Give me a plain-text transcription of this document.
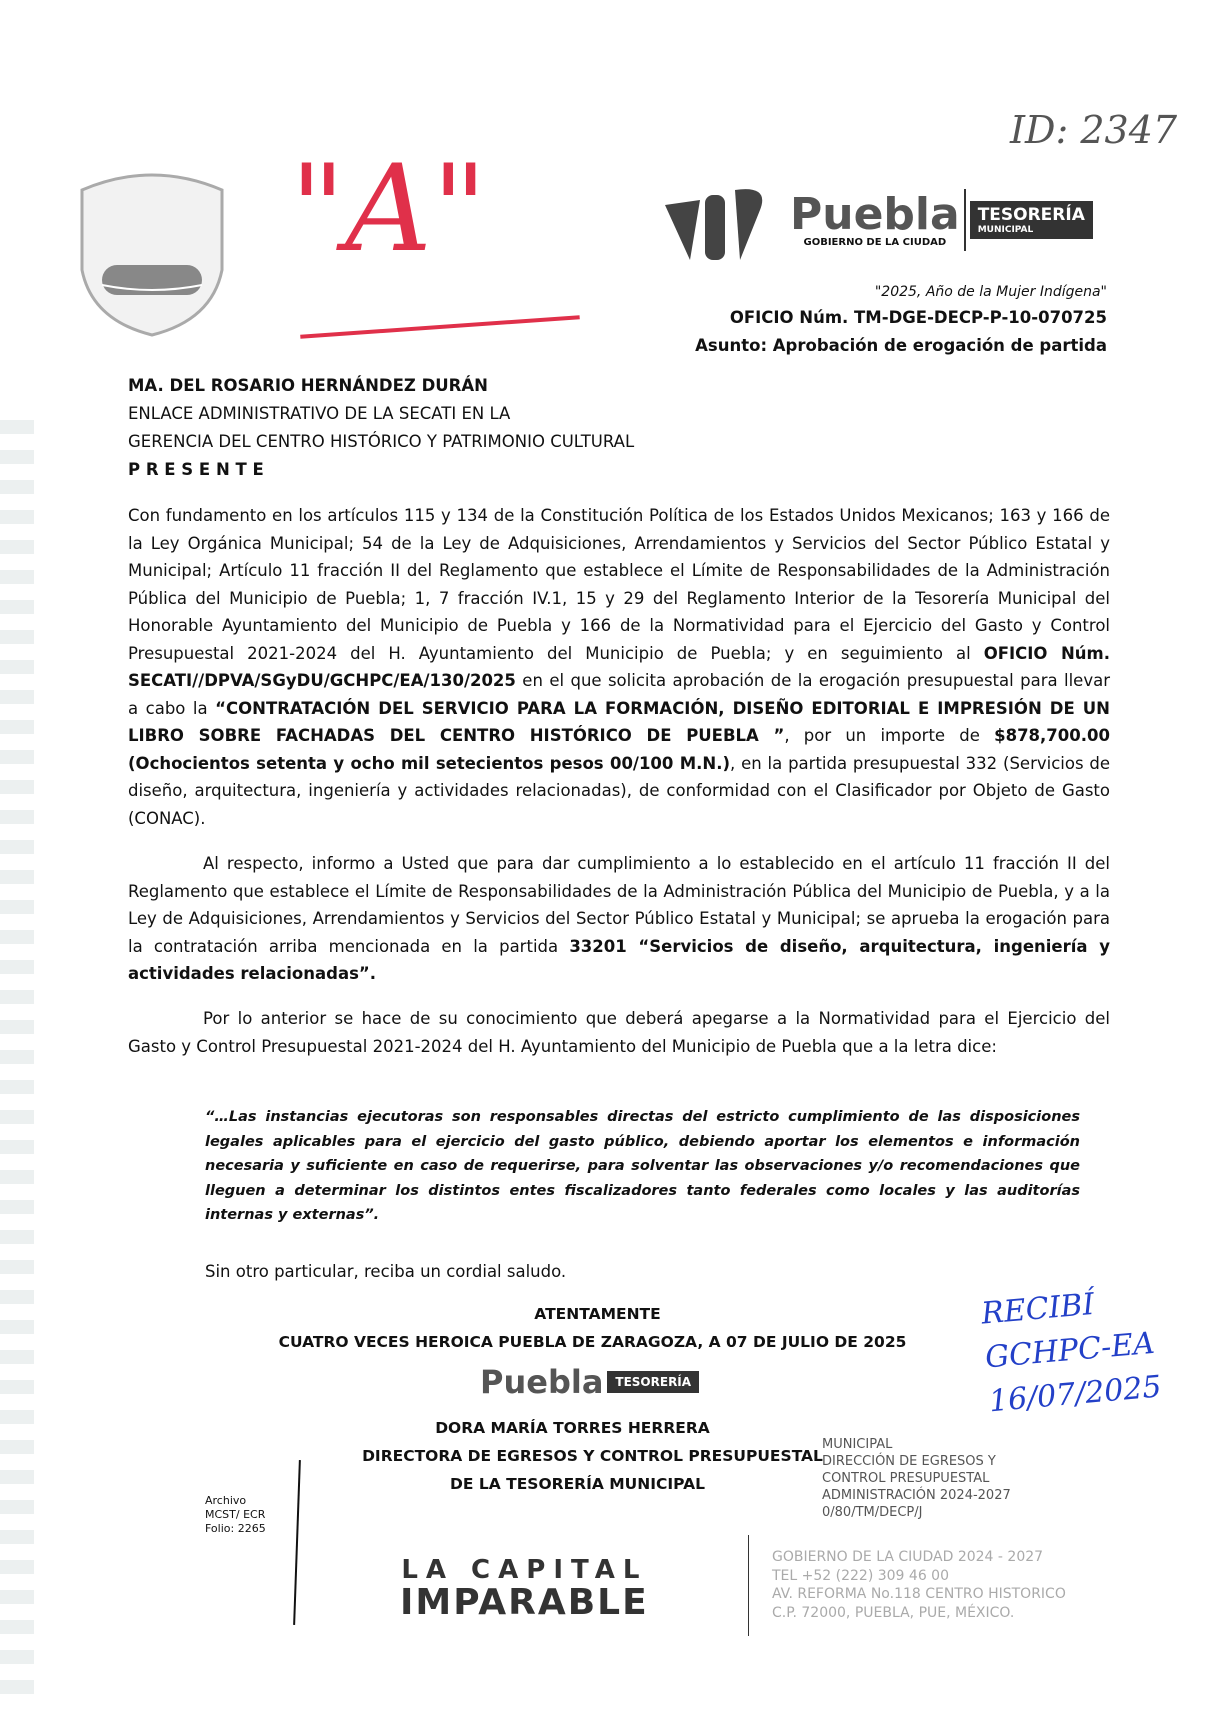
ID: 2347
"A"	Puebla
GOBIERNO DE LA CIUDAD
TESORERÍA
MUNICIPAL
"2025, Año de la Mujer Indígena"
OFICIO Núm. TM-DGE-DECP-P-10-070725
Asunto: Aprobación de erogación de partida
MA. DEL ROSARIO HERNÁNDEZ DURÁN
ENLACE ADMINISTRATIVO DE LA SECATI EN LA
GERENCIA DEL CENTRO HISTÓRICO Y PATRIMONIO CULTURAL
P R E S E N T E
Con fundamento en los artículos 115 y 134 de la Constitución Política de los Estados Unidos Mexicanos; 163 y 166 de la Ley Orgánica Municipal; 54 de la Ley de Adquisiciones, Arrendamientos y Servicios del Sector Público Estatal y Municipal; Artículo 11 fracción II del Reglamento que establece el Límite de Responsabilidades de la Administración Pública del Municipio de Puebla; 1, 7 fracción IV.1, 15 y 29 del Reglamento Interior de la Tesorería Municipal del Honorable Ayuntamiento del Municipio de Puebla y 166 de la Normatividad para el Ejercicio del Gasto y Control Presupuestal 2021-2024 del H. Ayuntamiento del Municipio de Puebla; y en seguimiento al OFICIO Núm. SECATI//DPVA/SGyDU/GCHPC/EA/130/2025 en el que solicita aprobación de la erogación presupuestal para llevar a cabo la “CONTRATACIÓN DEL SERVICIO PARA LA FORMACIÓN, DISEÑO EDITORIAL E IMPRESIÓN DE UN LIBRO SOBRE FACHADAS DEL CENTRO HISTÓRICO DE PUEBLA ”, por un importe de $878,700.00 (Ochocientos setenta y ocho mil setecientos pesos 00/100 M.N.), en la partida presupuestal 332 (Servicios de diseño, arquitectura, ingeniería y actividades relacionadas), de conformidad con el Clasificador por Objeto de Gasto (CONAC).
Al respecto, informo a Usted que para dar cumplimiento a lo establecido en el artículo 11 fracción II del Reglamento que establece el Límite de Responsabilidades de la Administración Pública del Municipio de Puebla, y a la Ley de Adquisiciones, Arrendamientos y Servicios del Sector Público Estatal y Municipal; se aprueba la erogación para la contratación arriba mencionada en la partida 33201 “Servicios de diseño, arquitectura, ingeniería y actividades relacionadas”.
Por lo anterior se hace de su conocimiento que deberá apegarse a la Normatividad para el Ejercicio del Gasto y Control Presupuestal 2021-2024 del H. Ayuntamiento del Municipio de Puebla que a la letra dice:
“…Las instancias ejecutoras son responsables directas del estricto cumplimiento de las disposiciones legales aplicables para el ejercicio del gasto público, debiendo aportar los elementos e información necesaria y suficiente en caso de requerirse, para solventar las observaciones y/o recomendaciones que lleguen a determinar los distintos entes fiscalizadores tanto federales como locales y las auditorías internas y externas”.
Sin otro particular, reciba un cordial saludo.
ATENTAMENTE
CUATRO VECES HEROICA PUEBLA DE ZARAGOZA, A 07 DE JULIO DE 2025
Puebla	TESORERÍA
DORA MARÍA TORRES HERRERA
DIRECTORA DE EGRESOS Y CONTROL PRESUPUESTAL
DE LA TESORERÍA MUNICIPAL
MUNICIPAL
DIRECCIÓN DE EGRESOS Y
CONTROL PRESUPUESTAL
ADMINISTRACIÓN 2024-2027
0/80/TM/DECP/J
RECIBÍ
GCHPC-EA
16/07/2025
Archivo
MCST/ ECR
Folio: 2265
LA CAPITAL
IMPARABLE
GOBIERNO DE LA CIUDAD 2024 - 2027
TEL +52 (222) 309 46 00
AV. REFORMA No.118 CENTRO HISTORICO
C.P. 72000, PUEBLA, PUE, MÉXICO.
